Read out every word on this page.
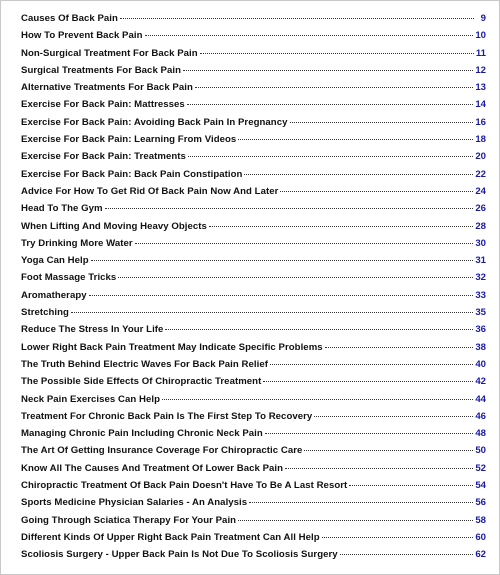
Causes Of Back Pain	9
How To Prevent Back Pain	10
Non-Surgical Treatment For Back Pain	11
Surgical Treatments For Back Pain	12
Alternative Treatments For Back Pain	13
Exercise For Back Pain: Mattresses	14
Exercise For Back Pain: Avoiding Back Pain In Pregnancy	16
Exercise For Back Pain: Learning From Videos	18
Exercise For Back Pain: Treatments	20
Exercise For Back Pain: Back Pain Constipation	22
Advice For How To Get Rid Of Back Pain Now And Later	24
Head To The Gym	26
When Lifting And Moving Heavy Objects	28
Try Drinking More Water	30
Yoga Can Help	31
Foot Massage Tricks	32
Aromatherapy	33
Stretching	35
Reduce The Stress In Your Life	36
Lower Right Back Pain Treatment May Indicate Specific Problems	38
The Truth Behind Electric Waves For Back Pain Relief	40
The Possible Side Effects Of Chiropractic Treatment	42
Neck Pain Exercises Can Help	44
Treatment For Chronic Back Pain Is The First Step To Recovery	46
Managing Chronic Pain Including Chronic Neck Pain	48
The Art Of Getting Insurance Coverage For Chiropractic Care	50
Know All The Causes And Treatment Of Lower Back Pain	52
Chiropractic Treatment Of Back Pain Doesn't Have To Be A Last Resort	54
Sports Medicine Physician Salaries - An Analysis	56
Going Through Sciatica Therapy For Your Pain	58
Different Kinds Of Upper Right Back Pain Treatment Can All Help	60
Scoliosis Surgery - Upper Back Pain Is Not Due To Scoliosis Surgery	62
